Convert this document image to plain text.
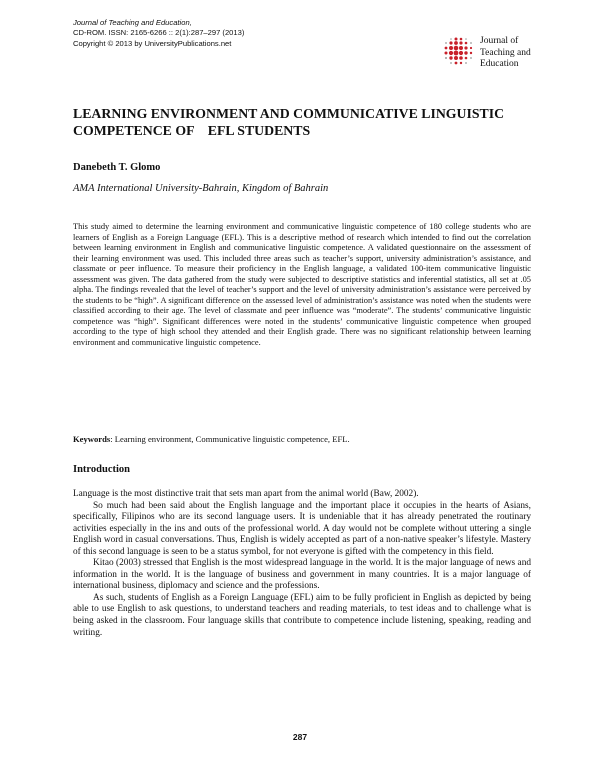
Journal of Teaching and Education,
CD-ROM. ISSN: 2165-6266 :: 2(1):287–297 (2013)
Copyright © 2013 by UniversityPublications.net	Journal of
Teaching and
Education
LEARNING ENVIRONMENT AND COMMUNICATIVE LINGUISTIC COMPETENCE OF    EFL STUDENTS
Danebeth T. Glomo
AMA International University-Bahrain, Kingdom of Bahrain
This study aimed to determine the learning environment and communicative linguistic competence of 180 college students who are learners of English as a Foreign Language (EFL). This is a descriptive method of research which intended to find out the correlation between learning environment in English and communicative linguistic competence. A validated questionnaire on the assessment of their learning environment was used. This included three areas such as teacher’s support, university administration’s assistance, and classmate or peer influence. To measure their proficiency in the English language, a validated 100-item communicative linguistic assessment was given. The data gathered from the study were subjected to descriptive statistics and inferential statistics, all set at .05 alpha. The findings revealed that the level of teacher’s support and the level of university administration’s assistance were perceived by the students to be “high”. A significant difference on the assessed level of administration’s assistance was noted when the students were classified according to their age. The level of classmate and peer influence was “moderate”. The students’ communicative linguistic competence was “high”. Significant differences were noted in the students’ communicative linguistic competence when grouped according to the type of high school they attended and their English grade. There was no significant relationship between learning environment and communicative linguistic competence.
Keywords: Learning environment, Communicative linguistic competence, EFL.
Introduction

Language is the most distinctive trait that sets man apart from the animal world (Baw, 2002).

So much had been said about the English language and the important place it occupies in the hearts of Asians, specifically, Filipinos who are its second language users. It is undeniable that it has already penetrated the routinary activities especially in the ins and outs of the professional world. A day would not be complete without uttering a single English word in casual conversations. Thus, English is widely accepted as part of a non-native speaker’s lifestyle. Mastery of this second language is seen to be a status symbol, for not everyone is gifted with the competency in this field.

Kitao (2003) stressed that English is the most widespread language in the world. It is the major language of news and information in the world. It is the language of business and government in many countries. It is a major language of international business, diplomacy and science and the professions.

As such, students of English as a Foreign Language (EFL) aim to be fully proficient in English as depicted by being able to use English to ask questions, to understand teachers and reading materials, to test ideas and to challenge what is being asked in the classroom. Four language skills that contribute to competence include listening, speaking, reading and writing.

287
